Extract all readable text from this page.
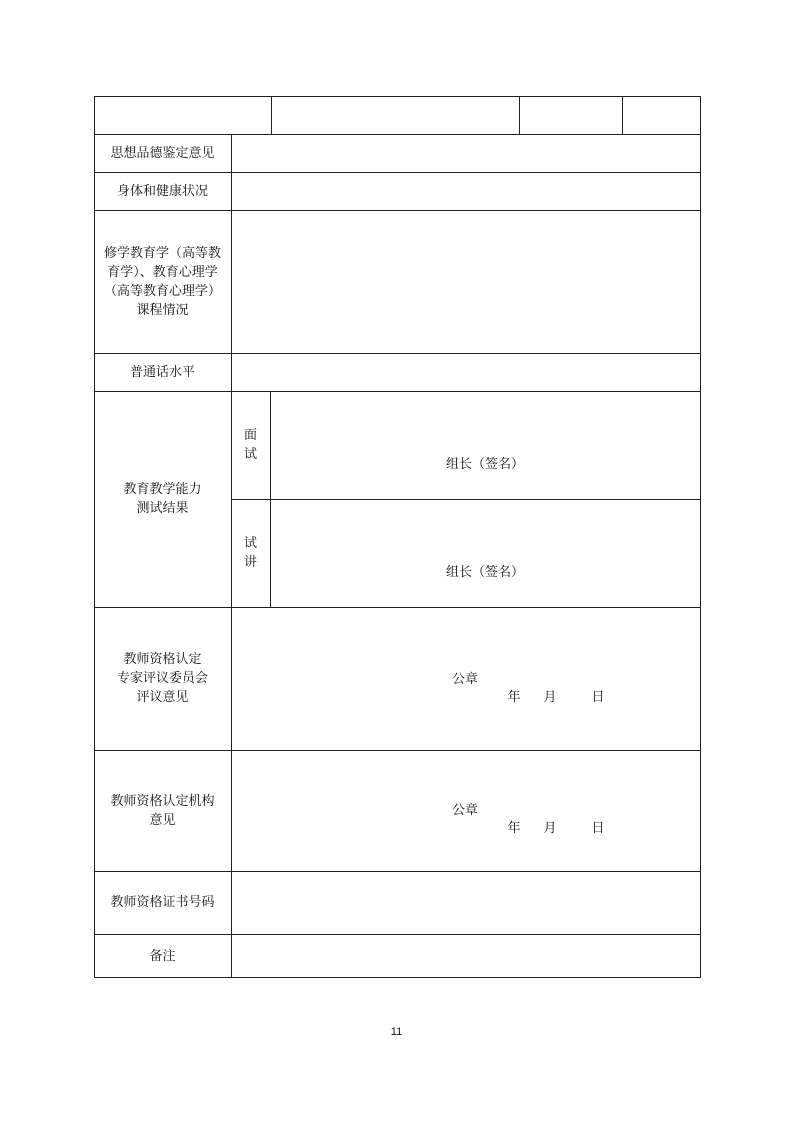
思想品德鉴定意见
身体和健康状况
修学教育学（高等教
育学）、教育心理学
（高等教育心理学）
课程情况
普通话水平
教育教学能力
测试结果
面
试
试
讲
组长（签名）
组长（签名）
教师资格认定
专家评议委员会
评议意见
公章
年 月	日
教师资格认定机构
意见
公章
年 月	日
教师资格证书号码
备注
11
